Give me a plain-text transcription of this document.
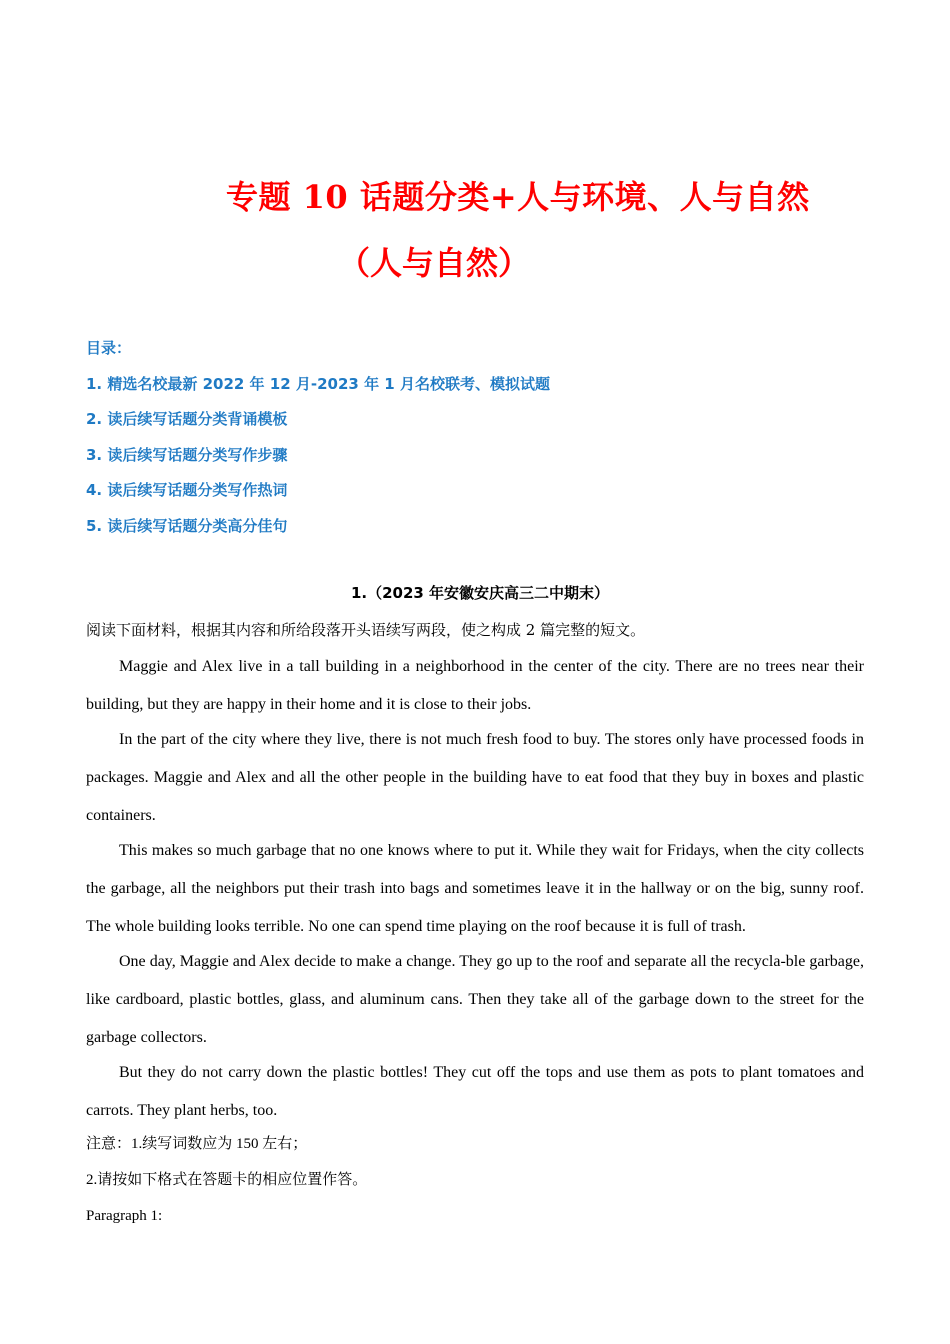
专题 10 话题分类+人与环境、人与自然
（人与自然）
目录：
1. 精选名校最新 2022 年 12 月-2023 年 1 月名校联考、模拟试题
2. 读后续写话题分类背诵模板
3. 读后续写话题分类写作步骤
4. 读后续写话题分类写作热词
5. 读后续写话题分类高分佳句
1.（2023 年安徽安庆高三二中期末）
阅读下面材料，根据其内容和所给段落开头语续写两段，使之构成 2 篇完整的短文。

Maggie and Alex live in a tall building in a neighborhood in the center of the city. There are no trees near their building, but they are happy in their home and it is close to their jobs.

In the part of the city where they live, there is not much fresh food to buy. The stores only have processed foods in packages. Maggie and Alex and all the other people in the building have to eat food that they buy in boxes and plastic containers.

This makes so much garbage that no one knows where to put it. While they wait for Fridays, when the city collects the garbage, all the neighbors put their trash into bags and sometimes leave it in the hallway or on the big, sunny roof. The whole building looks terrible. No one can spend time playing on the roof because it is full of trash.

One day, Maggie and Alex decide to make a change. They go up to the roof and separate all the recycla-ble garbage, like cardboard, plastic bottles, glass, and aluminum cans. Then they take all of the garbage down to the street for the garbage collectors.

But they do not carry down the plastic bottles! They cut off the tops and use them as pots to plant tomatoes and carrots. They plant herbs, too.

注意：1.续写词数应为 150 左右；
2.请按如下格式在答题卡的相应位置作答。
Paragraph 1:
